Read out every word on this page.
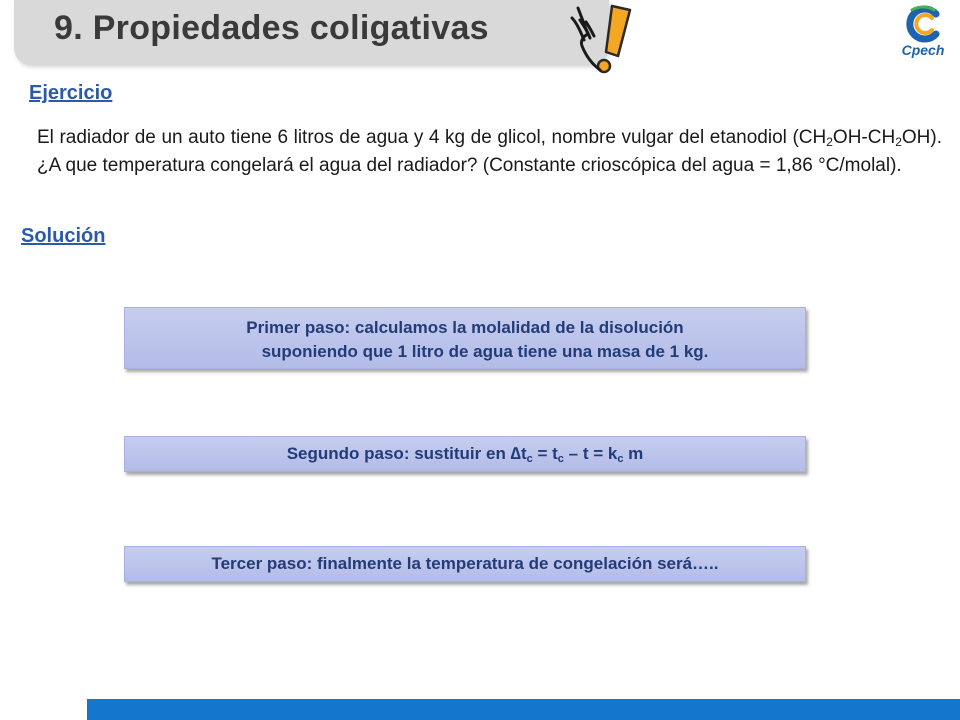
9. Propiedades coligativas
Cpech

Ejercicio

El radiador de un auto tiene 6 litros de agua y 4 kg de glicol, nombre vulgar del etanodiol $(CH_2OH-CH_2OH)$. ¿A que temperatura congelará el agua del radiador? (Constante crioscópica del agua = 1,86 °C/molal).

Solución

Primer paso: calculamos la molalidad de la disolución
suponiendo que 1 litro de agua tiene una masa de 1 kg.
Segundo paso: sustituir en $\Delta t_c = t_c - t = k_c$ m
Tercer paso: finalmente la temperatura de congelación será…..
